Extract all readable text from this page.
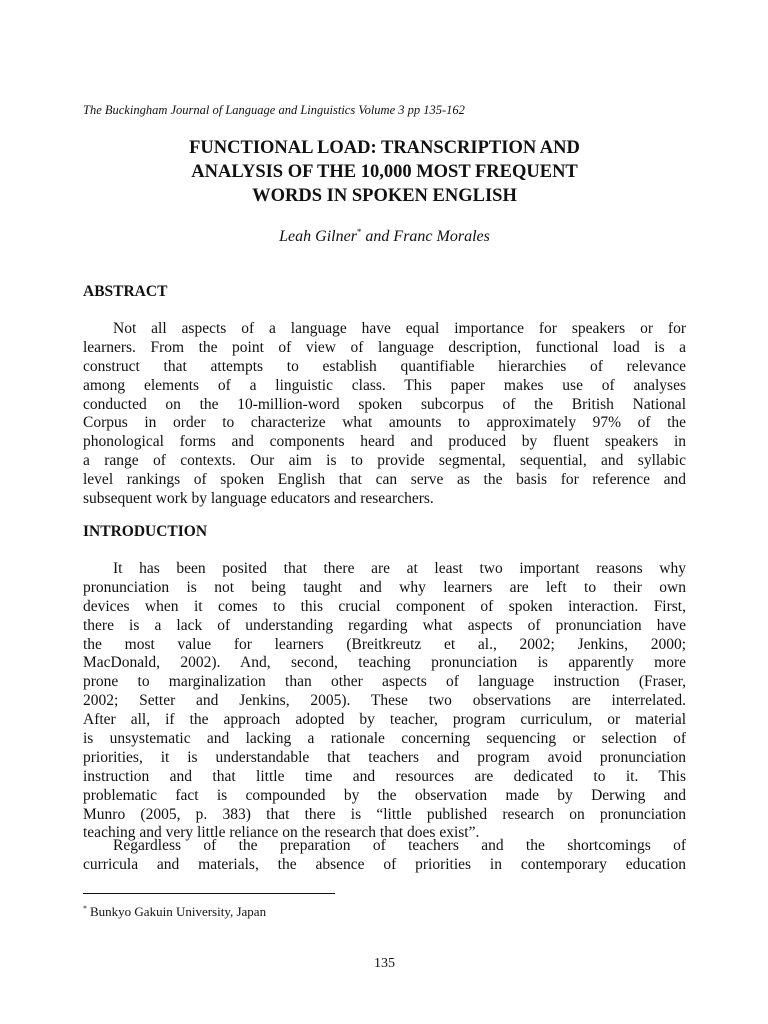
The Buckingham Journal of Language and Linguistics Volume 3 pp 135-162
FUNCTIONAL LOAD: TRANSCRIPTION AND
ANALYSIS OF THE 10,000 MOST FREQUENT
WORDS IN SPOKEN ENGLISH
Leah Gilner* and Franc Morales
ABSTRACT
Not all aspects of a language have equal importance for speakers or for
learners. From the point of view of language description, functional load is a
construct that attempts to establish quantifiable hierarchies of relevance
among elements of a linguistic class. This paper makes use of analyses
conducted on the 10-million-word spoken subcorpus of the British National
Corpus in order to characterize what amounts to approximately 97% of the
phonological forms and components heard and produced by fluent speakers in
a range of contexts. Our aim is to provide segmental, sequential, and syllabic
level rankings of spoken English that can serve as the basis for reference and
subsequent work by language educators and researchers.
INTRODUCTION
It has been posited that there are at least two important reasons why
pronunciation is not being taught and why learners are left to their own
devices when it comes to this crucial component of spoken interaction. First,
there is a lack of understanding regarding what aspects of pronunciation have
the most value for learners (Breitkreutz et al., 2002; Jenkins, 2000;
MacDonald, 2002). And, second, teaching pronunciation is apparently more
prone to marginalization than other aspects of language instruction (Fraser,
2002; Setter and Jenkins, 2005). These two observations are interrelated.
After all, if the approach adopted by teacher, program curriculum, or material
is unsystematic and lacking a rationale concerning sequencing or selection of
priorities, it is understandable that teachers and program avoid pronunciation
instruction and that little time and resources are dedicated to it. This
problematic fact is compounded by the observation made by Derwing and
Munro (2005, p. 383) that there is “little published research on pronunciation
teaching and very little reliance on the research that does exist”.
Regardless of the preparation of teachers and the shortcomings of
curricula and materials, the absence of priorities in contemporary education
* Bunkyo Gakuin University, Japan
135
